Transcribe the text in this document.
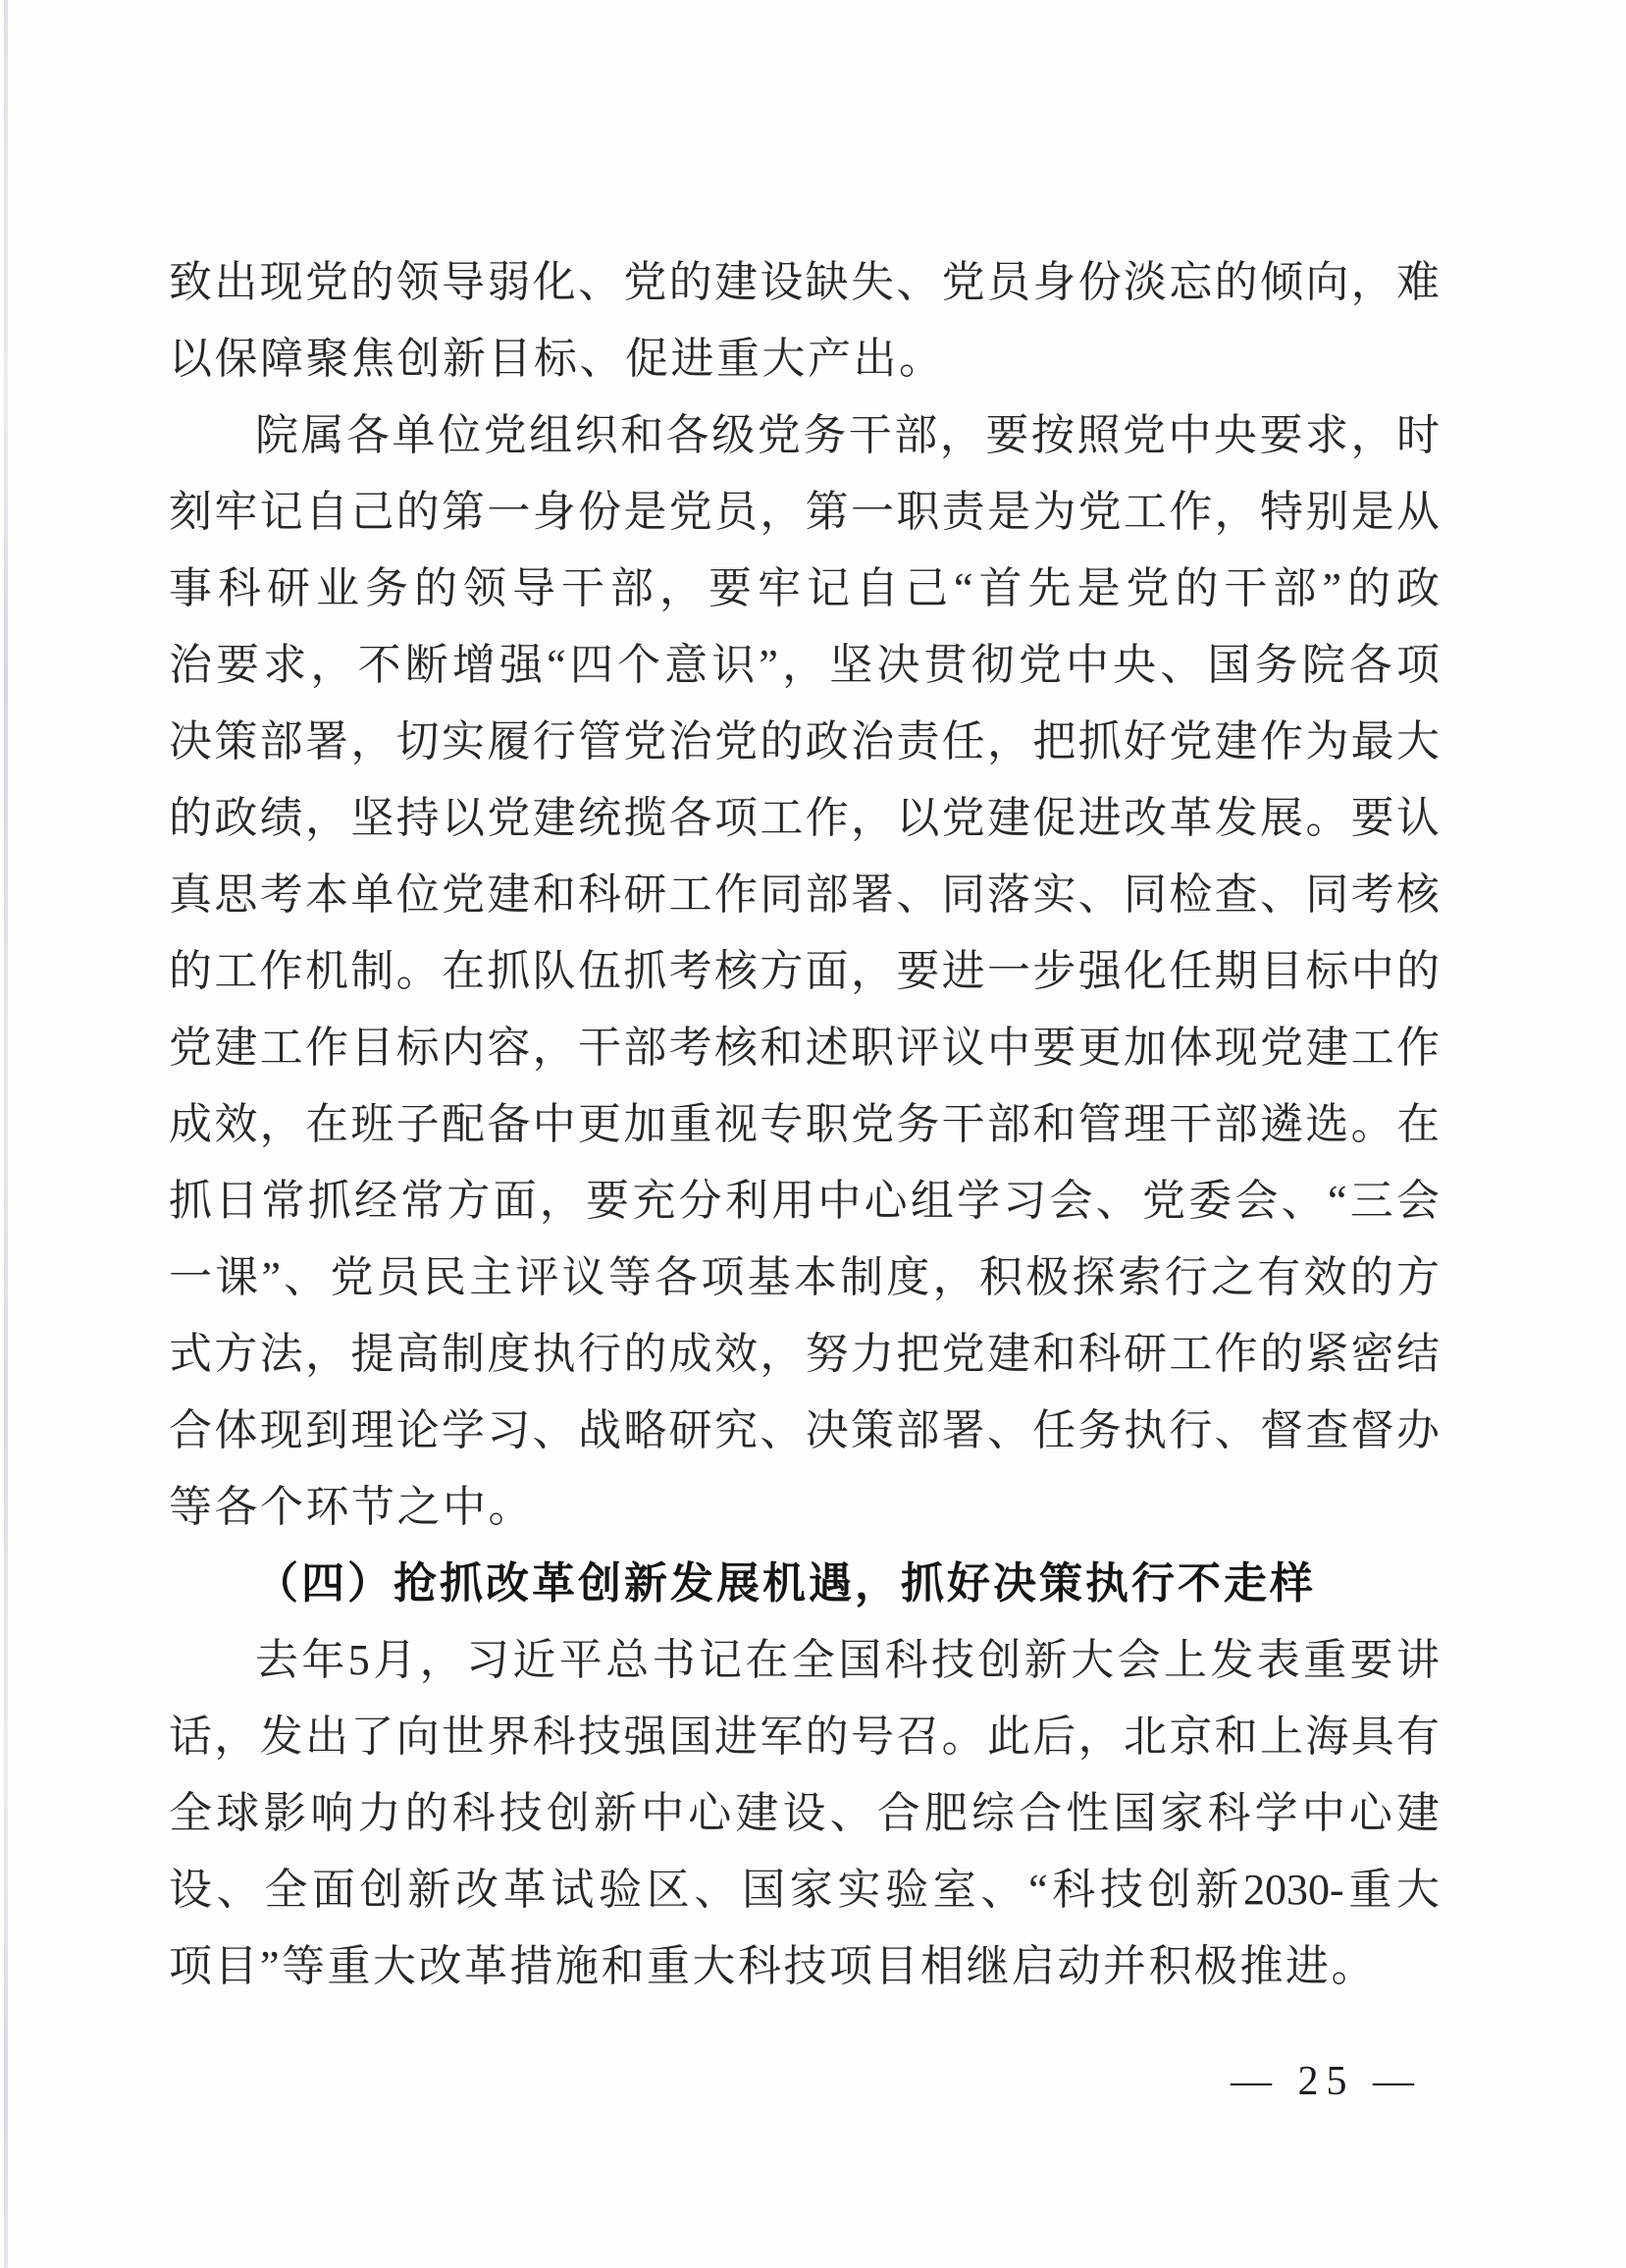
致出现党的领导弱化、党的建设缺失、党员身份淡忘的倾向，难
以保障聚焦创新目标、促进重大产出。
院属各单位党组织和各级党务干部，要按照党中央要求，时
刻牢记自己的第一身份是党员，第一职责是为党工作，特别是从
事科研业务的领导干部，要牢记自己“首先是党的干部”的政
治要求，不断增强“四个意识”，坚决贯彻党中央、国务院各项
决策部署，切实履行管党治党的政治责任，把抓好党建作为最大
的政绩，坚持以党建统揽各项工作，以党建促进改革发展。要认
真思考本单位党建和科研工作同部署、同落实、同检查、同考核
的工作机制。在抓队伍抓考核方面，要进一步强化任期目标中的
党建工作目标内容，干部考核和述职评议中要更加体现党建工作
成效，在班子配备中更加重视专职党务干部和管理干部遴选。在
抓日常抓经常方面，要充分利用中心组学习会、党委会、“三会
一课”、党员民主评议等各项基本制度，积极探索行之有效的方
式方法，提高制度执行的成效，努力把党建和科研工作的紧密结
合体现到理论学习、战略研究、决策部署、任务执行、督查督办
等各个环节之中。
（四）抢抓改革创新发展机遇，抓好决策执行不走样
去年5月，习近平总书记在全国科技创新大会上发表重要讲
话，发出了向世界科技强国进军的号召。此后，北京和上海具有
全球影响力的科技创新中心建设、合肥综合性国家科学中心建
设、全面创新改革试验区、国家实验室、“科技创新2030-重大
项目”等重大改革措施和重大科技项目相继启动并积极推进。
— 25 —
